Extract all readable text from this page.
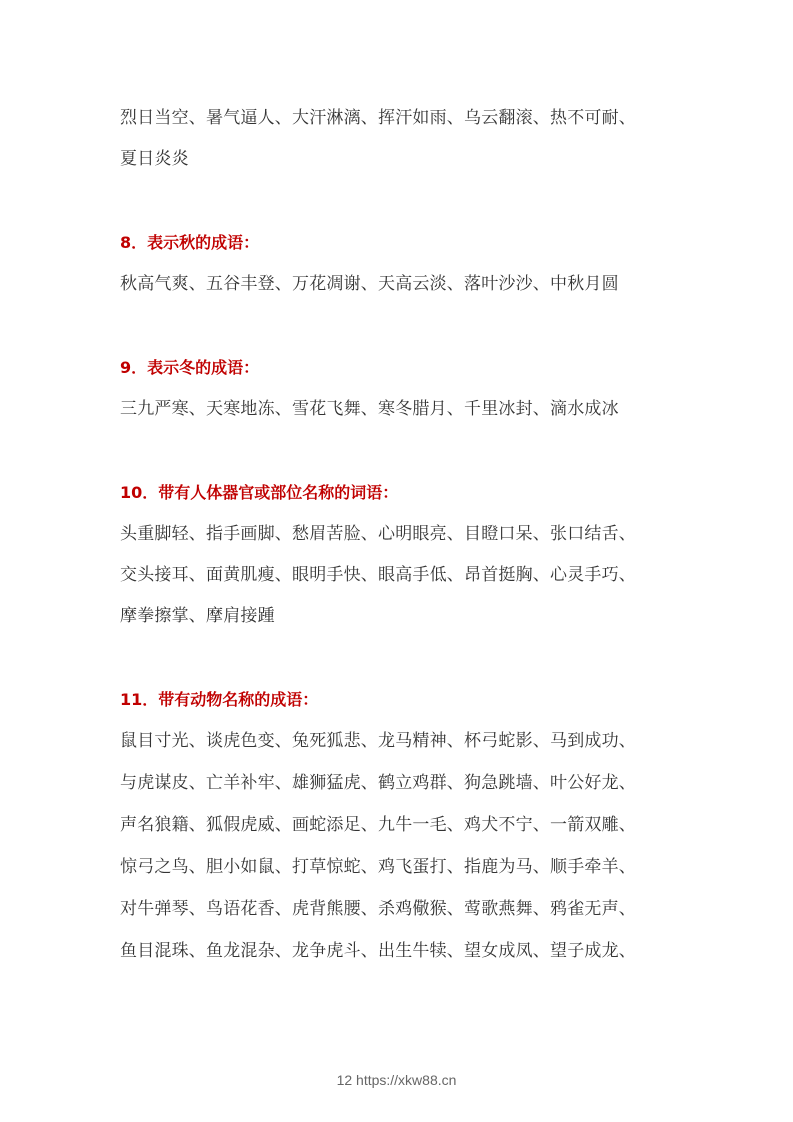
烈日当空、暑气逼人、大汗淋漓、挥汗如雨、乌云翻滚、热不可耐、
夏日炎炎
8．表示秋的成语：
秋高气爽、五谷丰登、万花凋谢、天高云淡、落叶沙沙、中秋月圆
9．表示冬的成语：
三九严寒、天寒地冻、雪花飞舞、寒冬腊月、千里冰封、滴水成冰
10．带有人体器官或部位名称的词语：
头重脚轻、指手画脚、愁眉苦脸、心明眼亮、目瞪口呆、张口结舌、
交头接耳、面黄肌瘦、眼明手快、眼高手低、昂首挺胸、心灵手巧、
摩拳擦掌、摩肩接踵
11．带有动物名称的成语：
鼠目寸光、谈虎色变、兔死狐悲、龙马精神、杯弓蛇影、马到成功、
与虎谋皮、亡羊补牢、雄狮猛虎、鹤立鸡群、狗急跳墙、叶公好龙、
声名狼籍、狐假虎威、画蛇添足、九牛一毛、鸡犬不宁、一箭双雕、
惊弓之鸟、胆小如鼠、打草惊蛇、鸡飞蛋打、指鹿为马、顺手牵羊、
对牛弹琴、鸟语花香、虎背熊腰、杀鸡儆猴、莺歌燕舞、鸦雀无声、
鱼目混珠、鱼龙混杂、龙争虎斗、出生牛犊、望女成凤、望子成龙、
12 https://xkw88.cn
